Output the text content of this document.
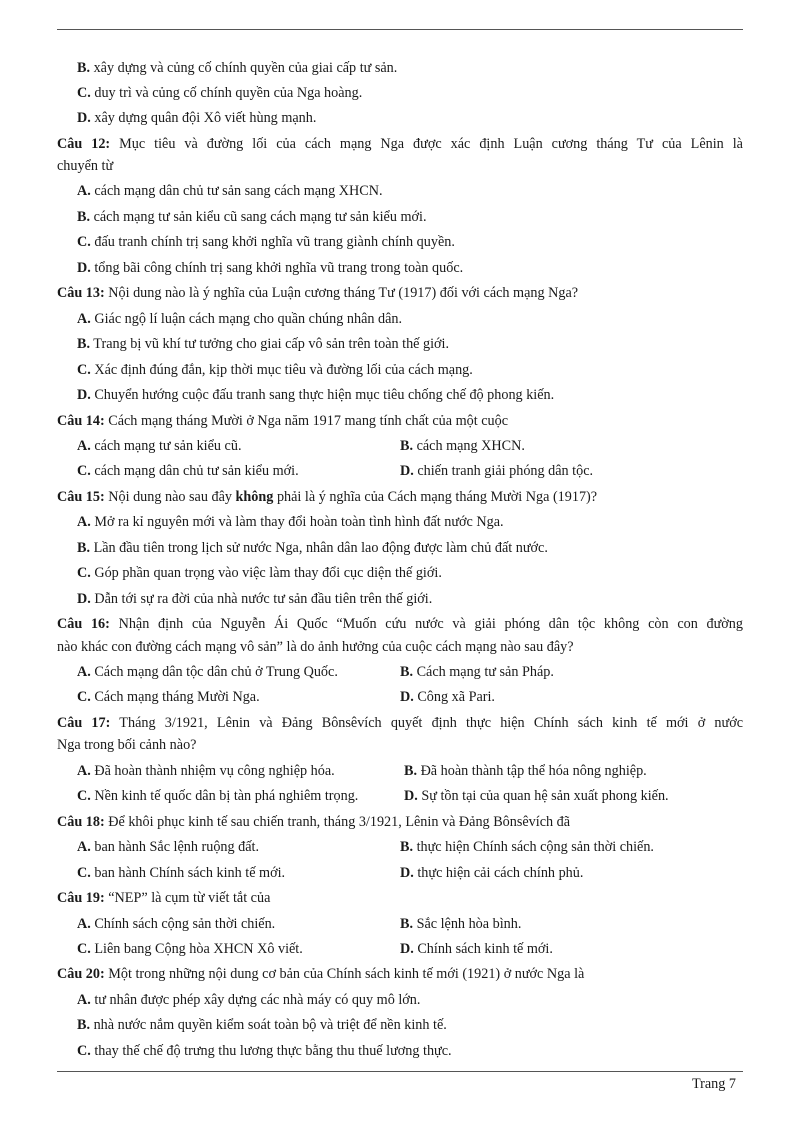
B. xây dựng và củng cố chính quyền của giai cấp tư sản.
C. duy trì và củng cố chính quyền của Nga hoàng.
D. xây dựng quân đội Xô viết hùng mạnh.
Câu 12: Mục tiêu và đường lối của cách mạng Nga được xác định Luận cương tháng Tư của Lênin là
chuyển từ
A. cách mạng dân chủ tư sản sang cách mạng XHCN.
B. cách mạng tư sản kiểu cũ sang cách mạng tư sản kiểu mới.
C. đấu tranh chính trị sang khởi nghĩa vũ trang giành chính quyền.
D. tổng bãi công chính trị sang khởi nghĩa vũ trang trong toàn quốc.
Câu 13: Nội dung nào là ý nghĩa của Luận cương tháng Tư (1917) đối với cách mạng Nga?
A. Giác ngộ lí luận cách mạng cho quần chúng nhân dân.
B. Trang bị vũ khí tư tưởng cho giai cấp vô sản trên toàn thế giới.
C. Xác định đúng đắn, kịp thời mục tiêu và đường lối của cách mạng.
D. Chuyển hướng cuộc đấu tranh sang thực hiện mục tiêu chống chế độ phong kiến.
Câu 14: Cách mạng tháng Mười ở Nga năm 1917 mang tính chất của một cuộc
A. cách mạng tư sản kiểu cũ.	B. cách mạng XHCN.
C. cách mạng dân chủ tư sản kiểu mới.	D. chiến tranh giải phóng dân tộc.
Câu 15: Nội dung nào sau đây không phải là ý nghĩa của Cách mạng tháng Mười Nga (1917)?
A. Mở ra kỉ nguyên mới và làm thay đổi hoàn toàn tình hình đất nước Nga.
B. Lần đầu tiên trong lịch sử nước Nga, nhân dân lao động được làm chủ đất nước.
C. Góp phần quan trọng vào việc làm thay đổi cục diện thế giới.
D. Dẫn tới sự ra đời của nhà nước tư sản đầu tiên trên thế giới.
Câu 16: Nhận định của Nguyễn Ái Quốc “Muốn cứu nước và giải phóng dân tộc không còn con đường
nào khác con đường cách mạng vô sản” là do ảnh hưởng của cuộc cách mạng nào sau đây?
A. Cách mạng dân tộc dân chủ ở Trung Quốc.	B. Cách mạng tư sản Pháp.
C. Cách mạng tháng Mười Nga.	D. Công xã Pari.
Câu 17: Tháng 3/1921, Lênin và Đảng Bônsêvích quyết định thực hiện Chính sách kinh tế mới ở nước
Nga trong bối cảnh nào?
A. Đã hoàn thành nhiệm vụ công nghiệp hóa.	B. Đã hoàn thành tập thể hóa nông nghiệp.
C. Nền kinh tế quốc dân bị tàn phá nghiêm trọng.	D. Sự tồn tại của quan hệ sản xuất phong kiến.
Câu 18: Để khôi phục kinh tế sau chiến tranh, tháng 3/1921, Lênin và Đảng Bônsêvích đã
A. ban hành Sắc lệnh ruộng đất.	B. thực hiện Chính sách cộng sản thời chiến.
C. ban hành Chính sách kinh tế mới.	D. thực hiện cải cách chính phủ.
Câu 19: “NEP” là cụm từ viết tắt của
A. Chính sách cộng sản thời chiến.	B. Sắc lệnh hòa bình.
C. Liên bang Cộng hòa XHCN Xô viết.	D. Chính sách kinh tế mới.
Câu 20: Một trong những nội dung cơ bản của Chính sách kinh tế mới (1921) ở nước Nga là
A. tư nhân được phép xây dựng các nhà máy có quy mô lớn.
B. nhà nước nắm quyền kiểm soát toàn bộ và triệt để nền kinh tế.
C. thay thế chế độ trưng thu lương thực bằng thu thuế lương thực.
Trang 7
